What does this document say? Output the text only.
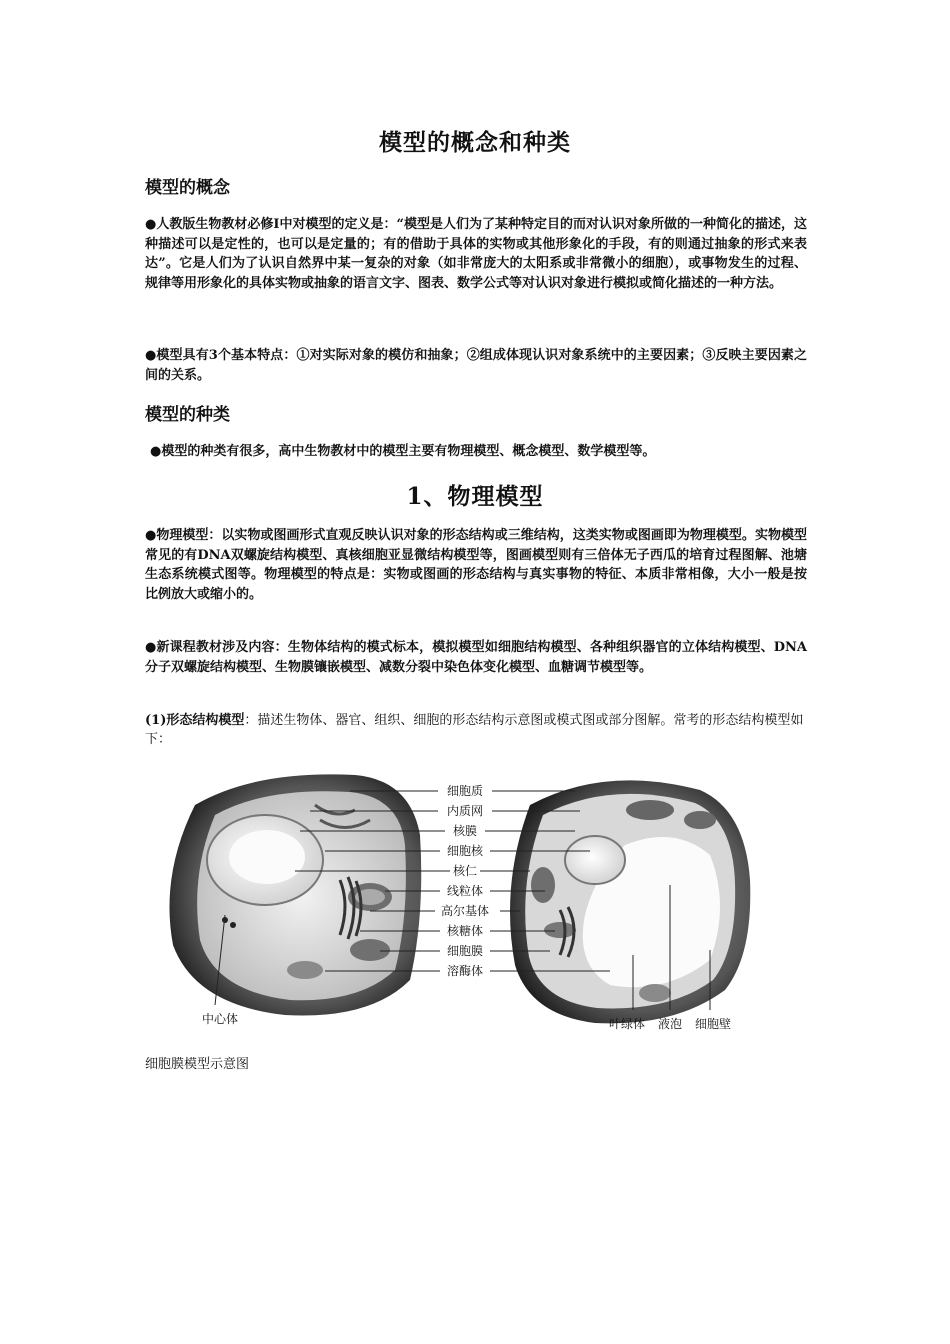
模型的概念和种类
模型的概念
●人教版生物教材必修Ⅰ中对模型的定义是：“模型是人们为了某种特定目的而对认识对象所做的一种简化的描述，这种描述可以是定性的，也可以是定量的；有的借助于具体的实物或其他形象化的手段，有的则通过抽象的形式来表达”。它是人们为了认识自然界中某一复杂的对象（如非常庞大的太阳系或非常微小的细胞），或事物发生的过程、规律等用形象化的具体实物或抽象的语言文字、图表、数学公式等对认识对象进行模拟或简化描述的一种方法。
●模型具有3个基本特点：①对实际对象的模仿和抽象；②组成体现认识对象系统中的主要因素；③反映主要因素之间的关系。
模型的种类
●模型的种类有很多，高中生物教材中的模型主要有物理模型、概念模型、数学模型等。
1、物理模型
●物理模型：以实物或图画形式直观反映认识对象的形态结构或三维结构，这类实物或图画即为物理模型。实物模型常见的有DNA双螺旋结构模型、真核细胞亚显微结构模型等，图画模型则有三倍体无子西瓜的培育过程图解、池塘生态系统模式图等。物理模型的特点是：实物或图画的形态结构与真实事物的特征、本质非常相像，大小一般是按比例放大或缩小的。
●新课程教材涉及内容：生物体结构的模式标本，模拟模型如细胞结构模型、各种组织器官的立体结构模型、DNA分子双螺旋结构模型、生物膜镶嵌模型、减数分裂中染色体变化模型、血糖调节模型等。
(1)形态结构模型：描述生物体、器官、组织、细胞的形态结构示意图或模式图或部分图解。常考的形态结构模型如下：
细胞质
内质网
核膜
细胞核
核仁
线粒体
高尔基体
核糖体
细胞膜
溶酶体
中心体	叶绿体 液泡 细胞壁
细胞膜模型示意图
